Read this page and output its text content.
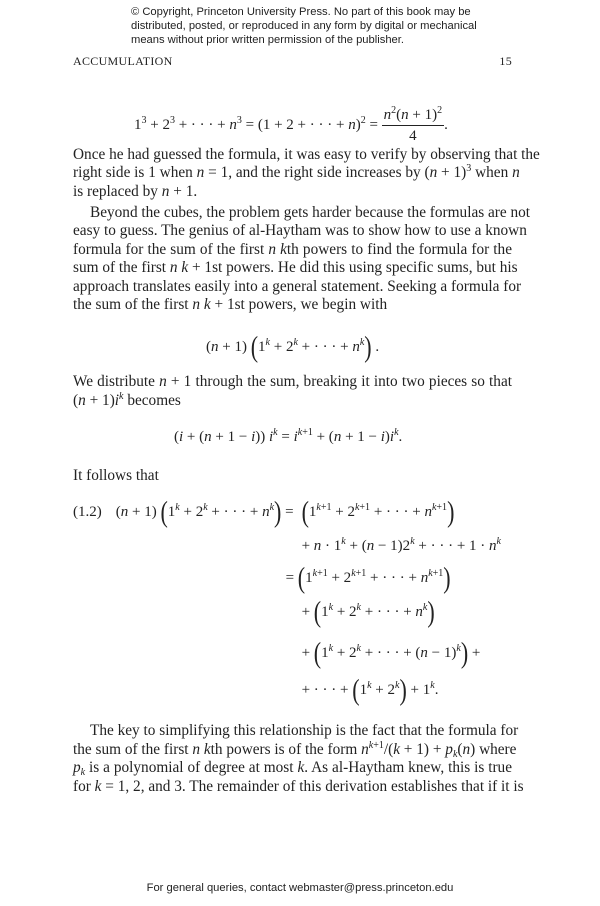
© Copyright, Princeton University Press. No part of this book may be
distributed, posted, or reproduced in any form by digital or mechanical
means without prior written permission of the publisher.
ACCUMULATION	15
$1^3 + 2^3$ + · · · + $n^3 = (1 + 2$ + · · · + $n)^2 = \frac{n^2(n + 1)^2}{4}$ .
Once he had guessed the formula, it was easy to verify by observing that the
right side is 1 when n = 1, and the right side increases by $(n + 1)^3$ when n
is replaced by n + 1.
Beyond the cubes, the problem gets harder because the formulas are not
easy to guess. The genius of al-Haytham was to show how to use a known
formula for the sum of the first n kth powers to find the formula for the
sum of the first n k + 1st powers. He did this using specific sums, but his
approach translates easily into a general statement. Seeking a formula for
the sum of the first n k + 1st powers, we begin with
(n + 1) ($1^k + 2^k$ + · · · + $n^k$) .
We distribute n + 1 through the sum, breaking it into two pieces so that
$(n + 1)i^k$ becomes
(i + (n + 1 − i)) $i^k = i^{k+1} + (n + 1 - i)i^k$.
It follows that
(1.2) (n + 1) ($1^k + 2^k$ + · · · + $n^k) = (1^{k+1} + 2^{k+1}$ + · · · + $n^{k+1}$)
+ $n \cdot 1^k + (n - 1)2^k$ + · · · + $1 \cdot n^k$
= ($1^{k+1} + 2^{k+1}$ + · · · + $n^{k+1}$)
+ ($1^k + 2^k$ + · · · + $n^k$)
+ ($1^k + 2^k$ + · · · + $(n - 1)^k$) +
+ · · · + $(1^k + 2^k) + 1^k$.
The key to simplifying this relationship is the fact that the formula for
the sum of the first n kth powers is of the form $n^{k+1}/(k + 1) + p_k(n)$ where
$p_k$ is a polynomial of degree at most k. As al-Haytham knew, this is true
for k = 1, 2, and 3. The remainder of this derivation establishes that if it is
For general queries, contact webmaster@press.princeton.edu
